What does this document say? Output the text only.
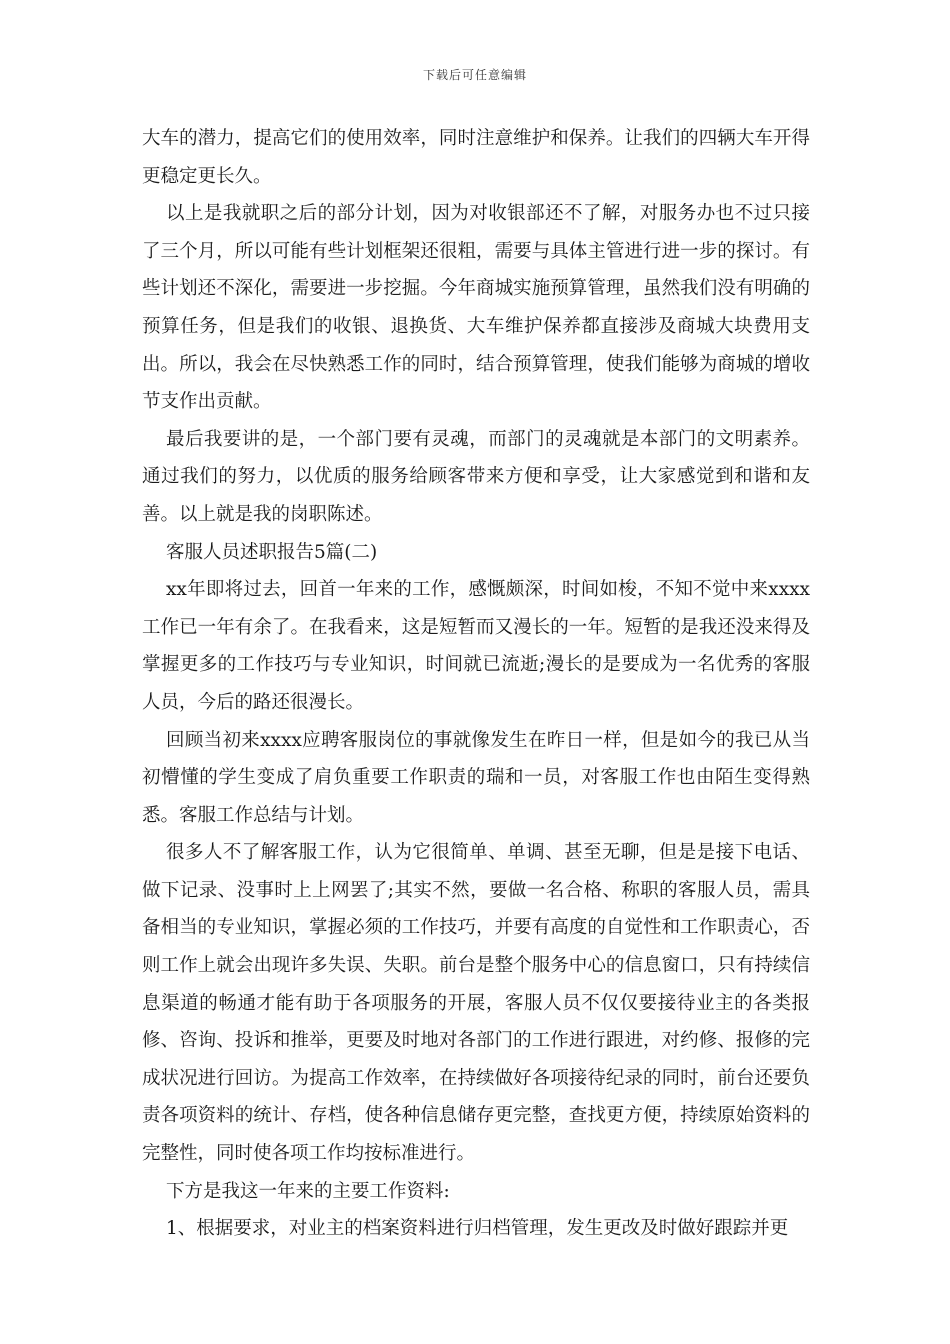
下载后可任意编辑

大车的潜力，提高它们的使用效率，同时注意维护和保养。让我们的四辆大车开得更稳定更长久。

以上是我就职之后的部分计划，因为对收银部还不了解，对服务办也不过只接了三个月，所以可能有些计划框架还很粗，需要与具体主管进行进一步的探讨。有些计划还不深化，需要进一步挖掘。今年商城实施预算管理，虽然我们没有明确的预算任务，但是我们的收银、退换货、大车维护保养都直接涉及商城大块费用支出。所以，我会在尽快熟悉工作的同时，结合预算管理，使我们能够为商城的增收节支作出贡献。

最后我要讲的是，一个部门要有灵魂，而部门的灵魂就是本部门的文明素养。通过我们的努力，以优质的服务给顾客带来方便和享受，让大家感觉到和谐和友善。以上就是我的岗职陈述。

客服人员述职报告5篇(二)

xx年即将过去，回首一年来的工作，感慨颇深，时间如梭，不知不觉中来xxxx工作已一年有余了。在我看来，这是短暂而又漫长的一年。短暂的是我还没来得及掌握更多的工作技巧与专业知识，时间就已流逝;漫长的是要成为一名优秀的客服人员，今后的路还很漫长。

回顾当初来xxxx应聘客服岗位的事就像发生在昨日一样，但是如今的我已从当初懵懂的学生变成了肩负重要工作职责的瑞和一员，对客服工作也由陌生变得熟悉。客服工作总结与计划。

很多人不了解客服工作，认为它很简单、单调、甚至无聊，但是是接下电话、做下记录、没事时上上网罢了;其实不然，要做一名合格、称职的客服人员，需具备相当的专业知识，掌握必须的工作技巧，并要有高度的自觉性和工作职责心，否则工作上就会出现许多失误、失职。前台是整个服务中心的信息窗口，只有持续信息渠道的畅通才能有助于各项服务的开展，客服人员不仅仅要接待业主的各类报修、咨询、投诉和推举，更要及时地对各部门的工作进行跟进，对约修、报修的完成状况进行回访。为提高工作效率，在持续做好各项接待纪录的同时，前台还要负责各项资料的统计、存档，使各种信息储存更完整，查找更方便，持续原始资料的完整性，同时使各项工作均按标准进行。

下方是我这一年来的主要工作资料:

1、根据要求，对业主的档案资料进行归档管理，发生更改及时做好跟踪并更
